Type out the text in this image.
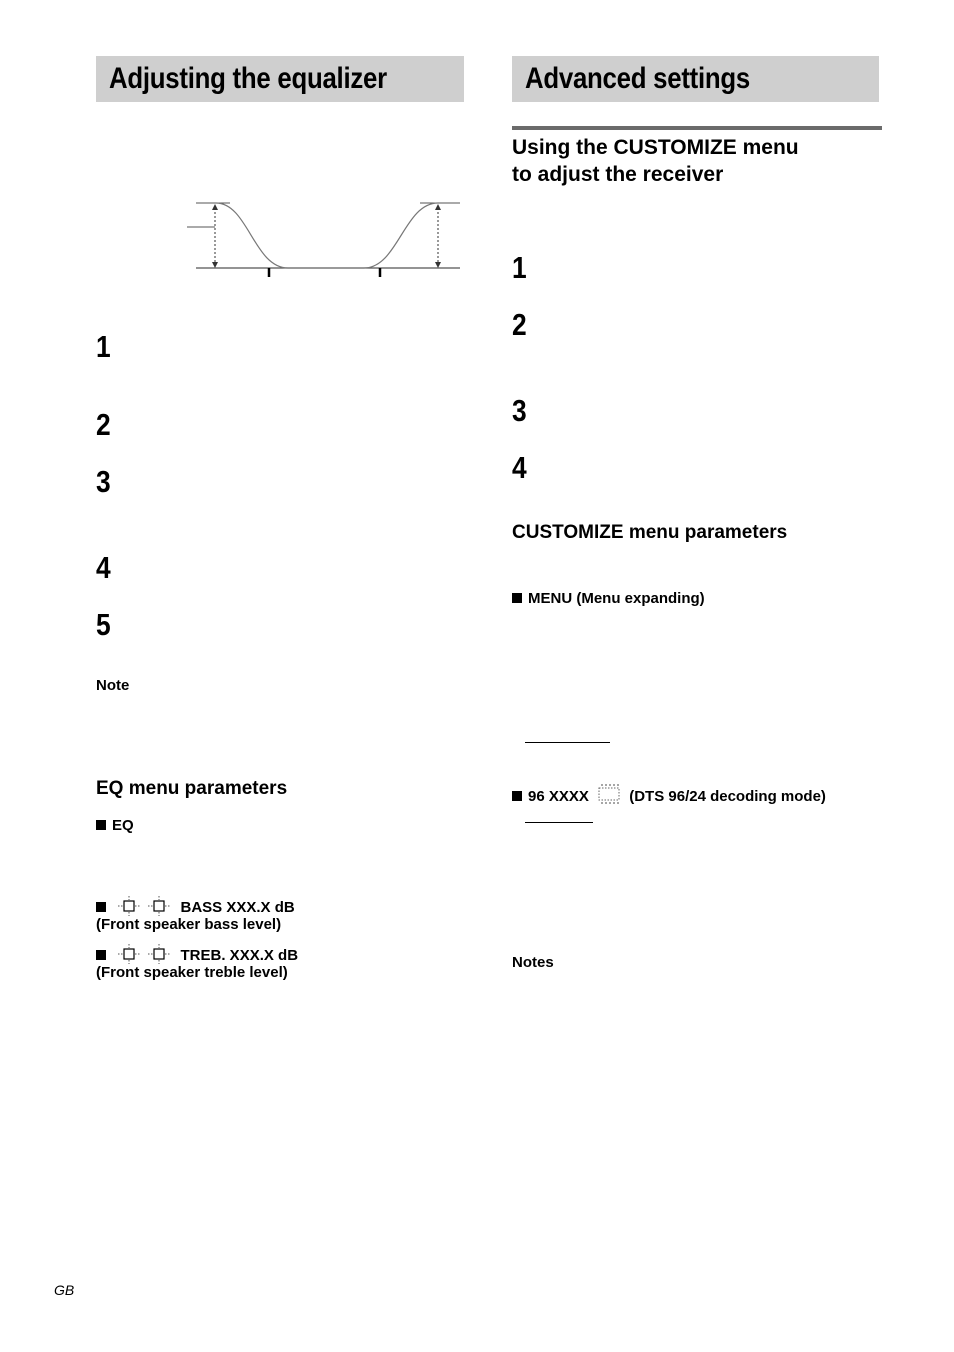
Adjusting the equalizer
1
2
3
4
5
Note
EQ menu parameters
EQ
BASS XXX.X dB
(Front speaker bass level)
TREB. XXX.X dB
(Front speaker treble level)
Advanced settings
Using the CUSTOMIZE menu
to adjust the receiver
1
2
3
4
CUSTOMIZE menu parameters
MENU (Menu expanding)
96 XXXX	(DTS 96/24 decoding mode)
Notes
GB
